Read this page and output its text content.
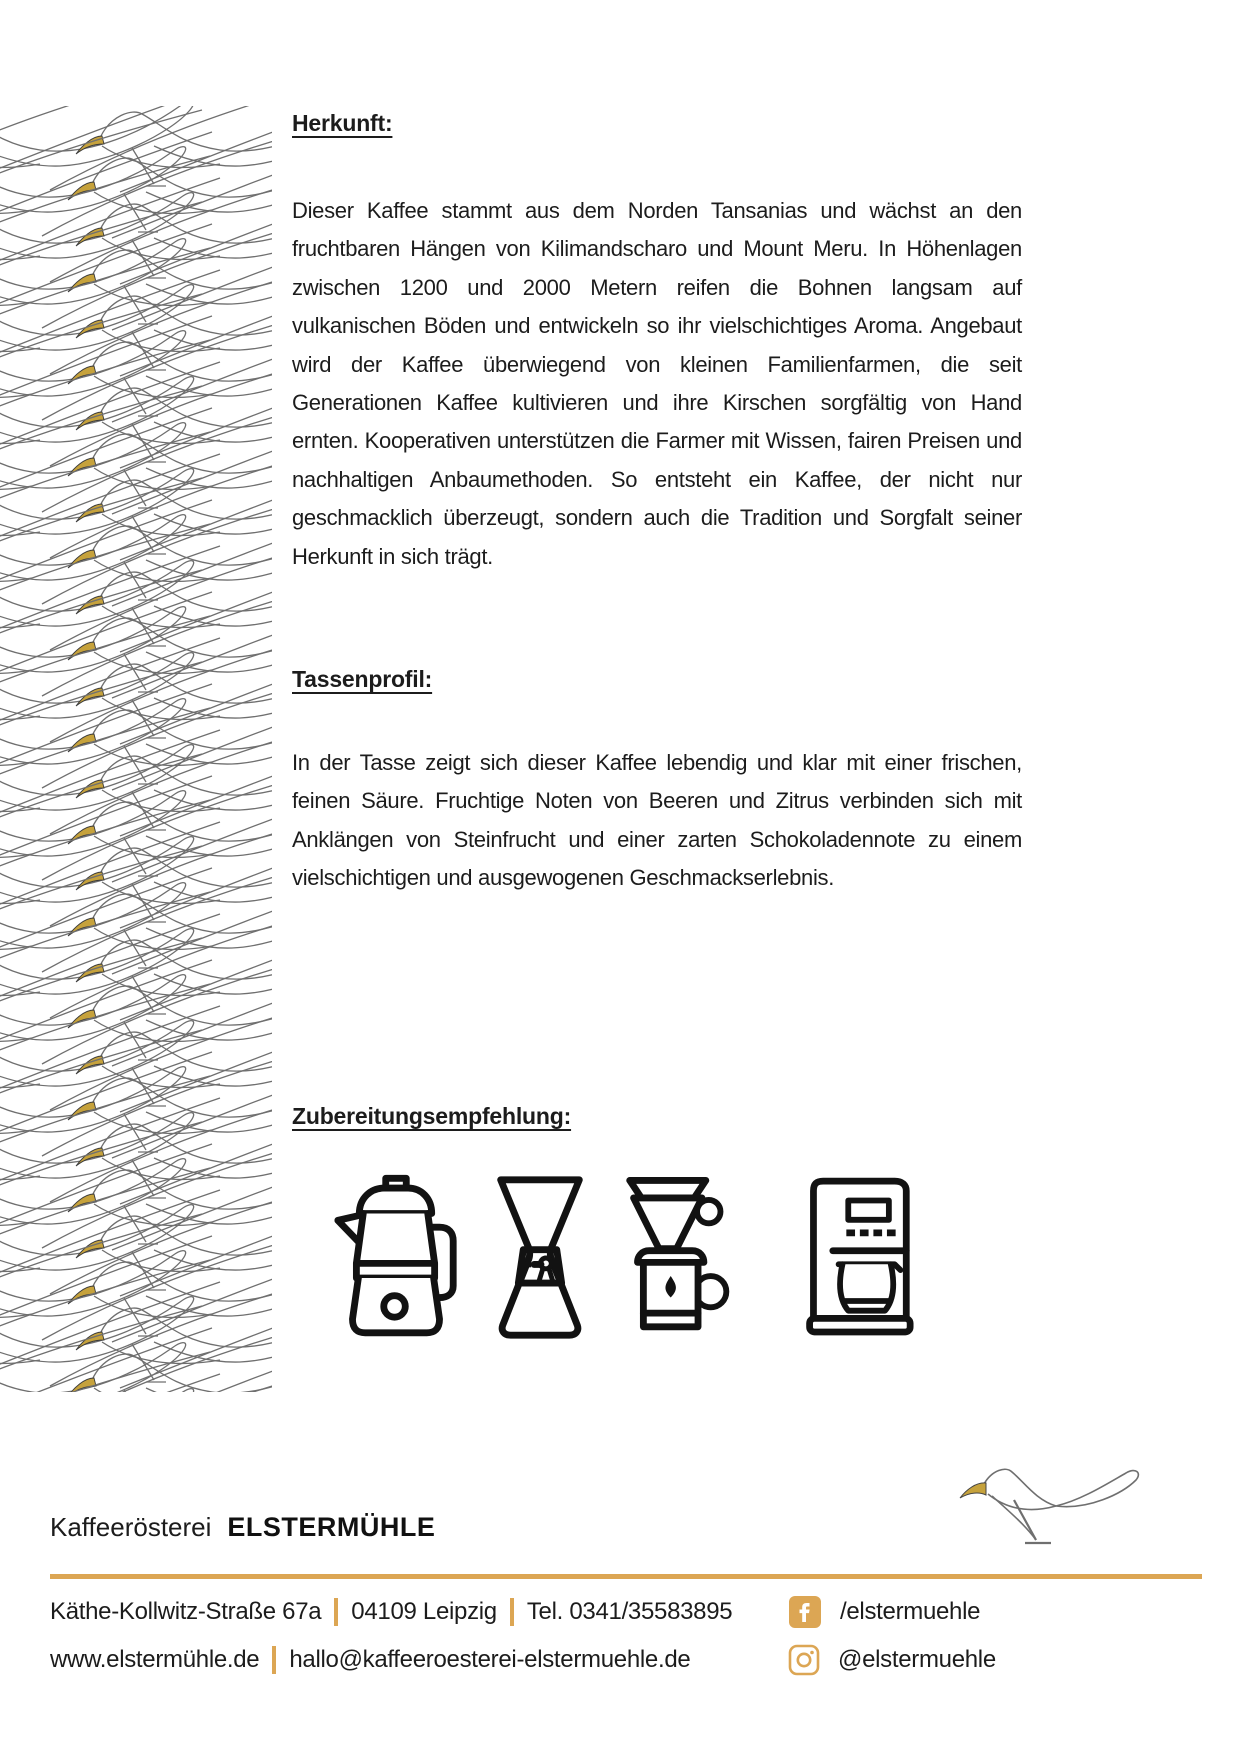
Herkunft:
Dieser Kaffee stammt aus dem Norden Tansanias und wächst an den fruchtbaren Hängen von Kilimandscharo und Mount Meru. In Höhenlagen zwischen 1200 und 2000 Metern reifen die Bohnen langsam auf vulkanischen Böden und entwickeln so ihr vielschichtiges Aroma. Angebaut wird der Kaffee überwiegend von kleinen Familienfarmen, die seit Generationen Kaffee kultivieren und ihre Kirschen sorgfältig von Hand ernten. Kooperativen unterstützen die Farmer mit Wissen, fairen Preisen und nachhaltigen Anbaumethoden. So entsteht ein Kaffee, der nicht nur geschmacklich überzeugt, sondern auch die Tradition und Sorgfalt seiner Herkunft in sich trägt.
Tassenprofil:
In der Tasse zeigt sich dieser Kaffee lebendig und klar mit einer frischen, feinen Säure. Fruchtige Noten von Beeren und Zitrus verbinden sich mit Anklängen von Steinfrucht und einer zarten Schokoladennote zu einem vielschichtigen und ausgewogenen Geschmackserlebnis.
Zubereitungsempfehlung:
Kaffeerösterei ELSTERMÜHLE
Käthe-Kollwitz-Straße 67a 04109 Leipzig Tel. 0341/35583895
www.elstermühle.de hallo@kaffeeroesterei-elstermuehle.de
/elstermuehle
@elstermuehle
